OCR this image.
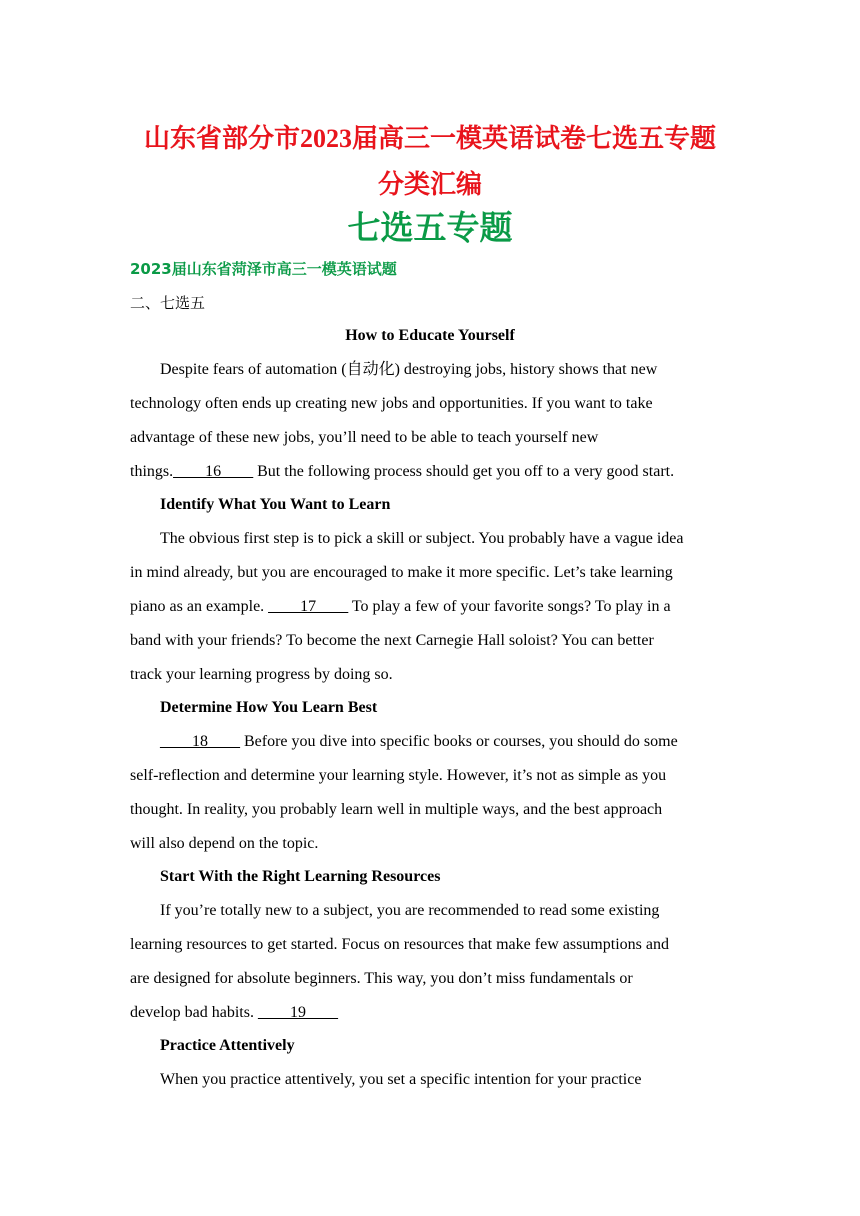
山东省部分市2023届高三一模英语试卷七选五专题
分类汇编
七选五专题

2023届山东省菏泽市高三一模英语试题

二、七选五

How to Educate Yourself

Despite fears of automation (自动化) destroying jobs, history shows that new

technology often ends up creating new jobs and opportunities. If you want to take

advantage of these new jobs, you’ll need to be able to teach yourself new

things.____16____ But the following process should get you off to a very good start.

Identify What You Want to Learn

The obvious first step is to pick a skill or subject. You probably have a vague idea

in mind already, but you are encouraged to make it more specific. Let’s take learning

piano as an example. ____17____ To play a few of your favorite songs? To play in a

band with your friends? To become the next Carnegie Hall soloist? You can better

track your learning progress by doing so.

Determine How You Learn Best

____18____ Before you dive into specific books or courses, you should do some

self-reflection and determine your learning style. However, it’s not as simple as you

thought. In reality, you probably learn well in multiple ways, and the best approach

will also depend on the topic.

Start With the Right Learning Resources

If you’re totally new to a subject, you are recommended to read some existing

learning resources to get started. Focus on resources that make few assumptions and

are designed for absolute beginners. This way, you don’t miss fundamentals or

develop bad habits. ____19____

Practice Attentively

When you practice attentively, you set a specific intention for your practice
